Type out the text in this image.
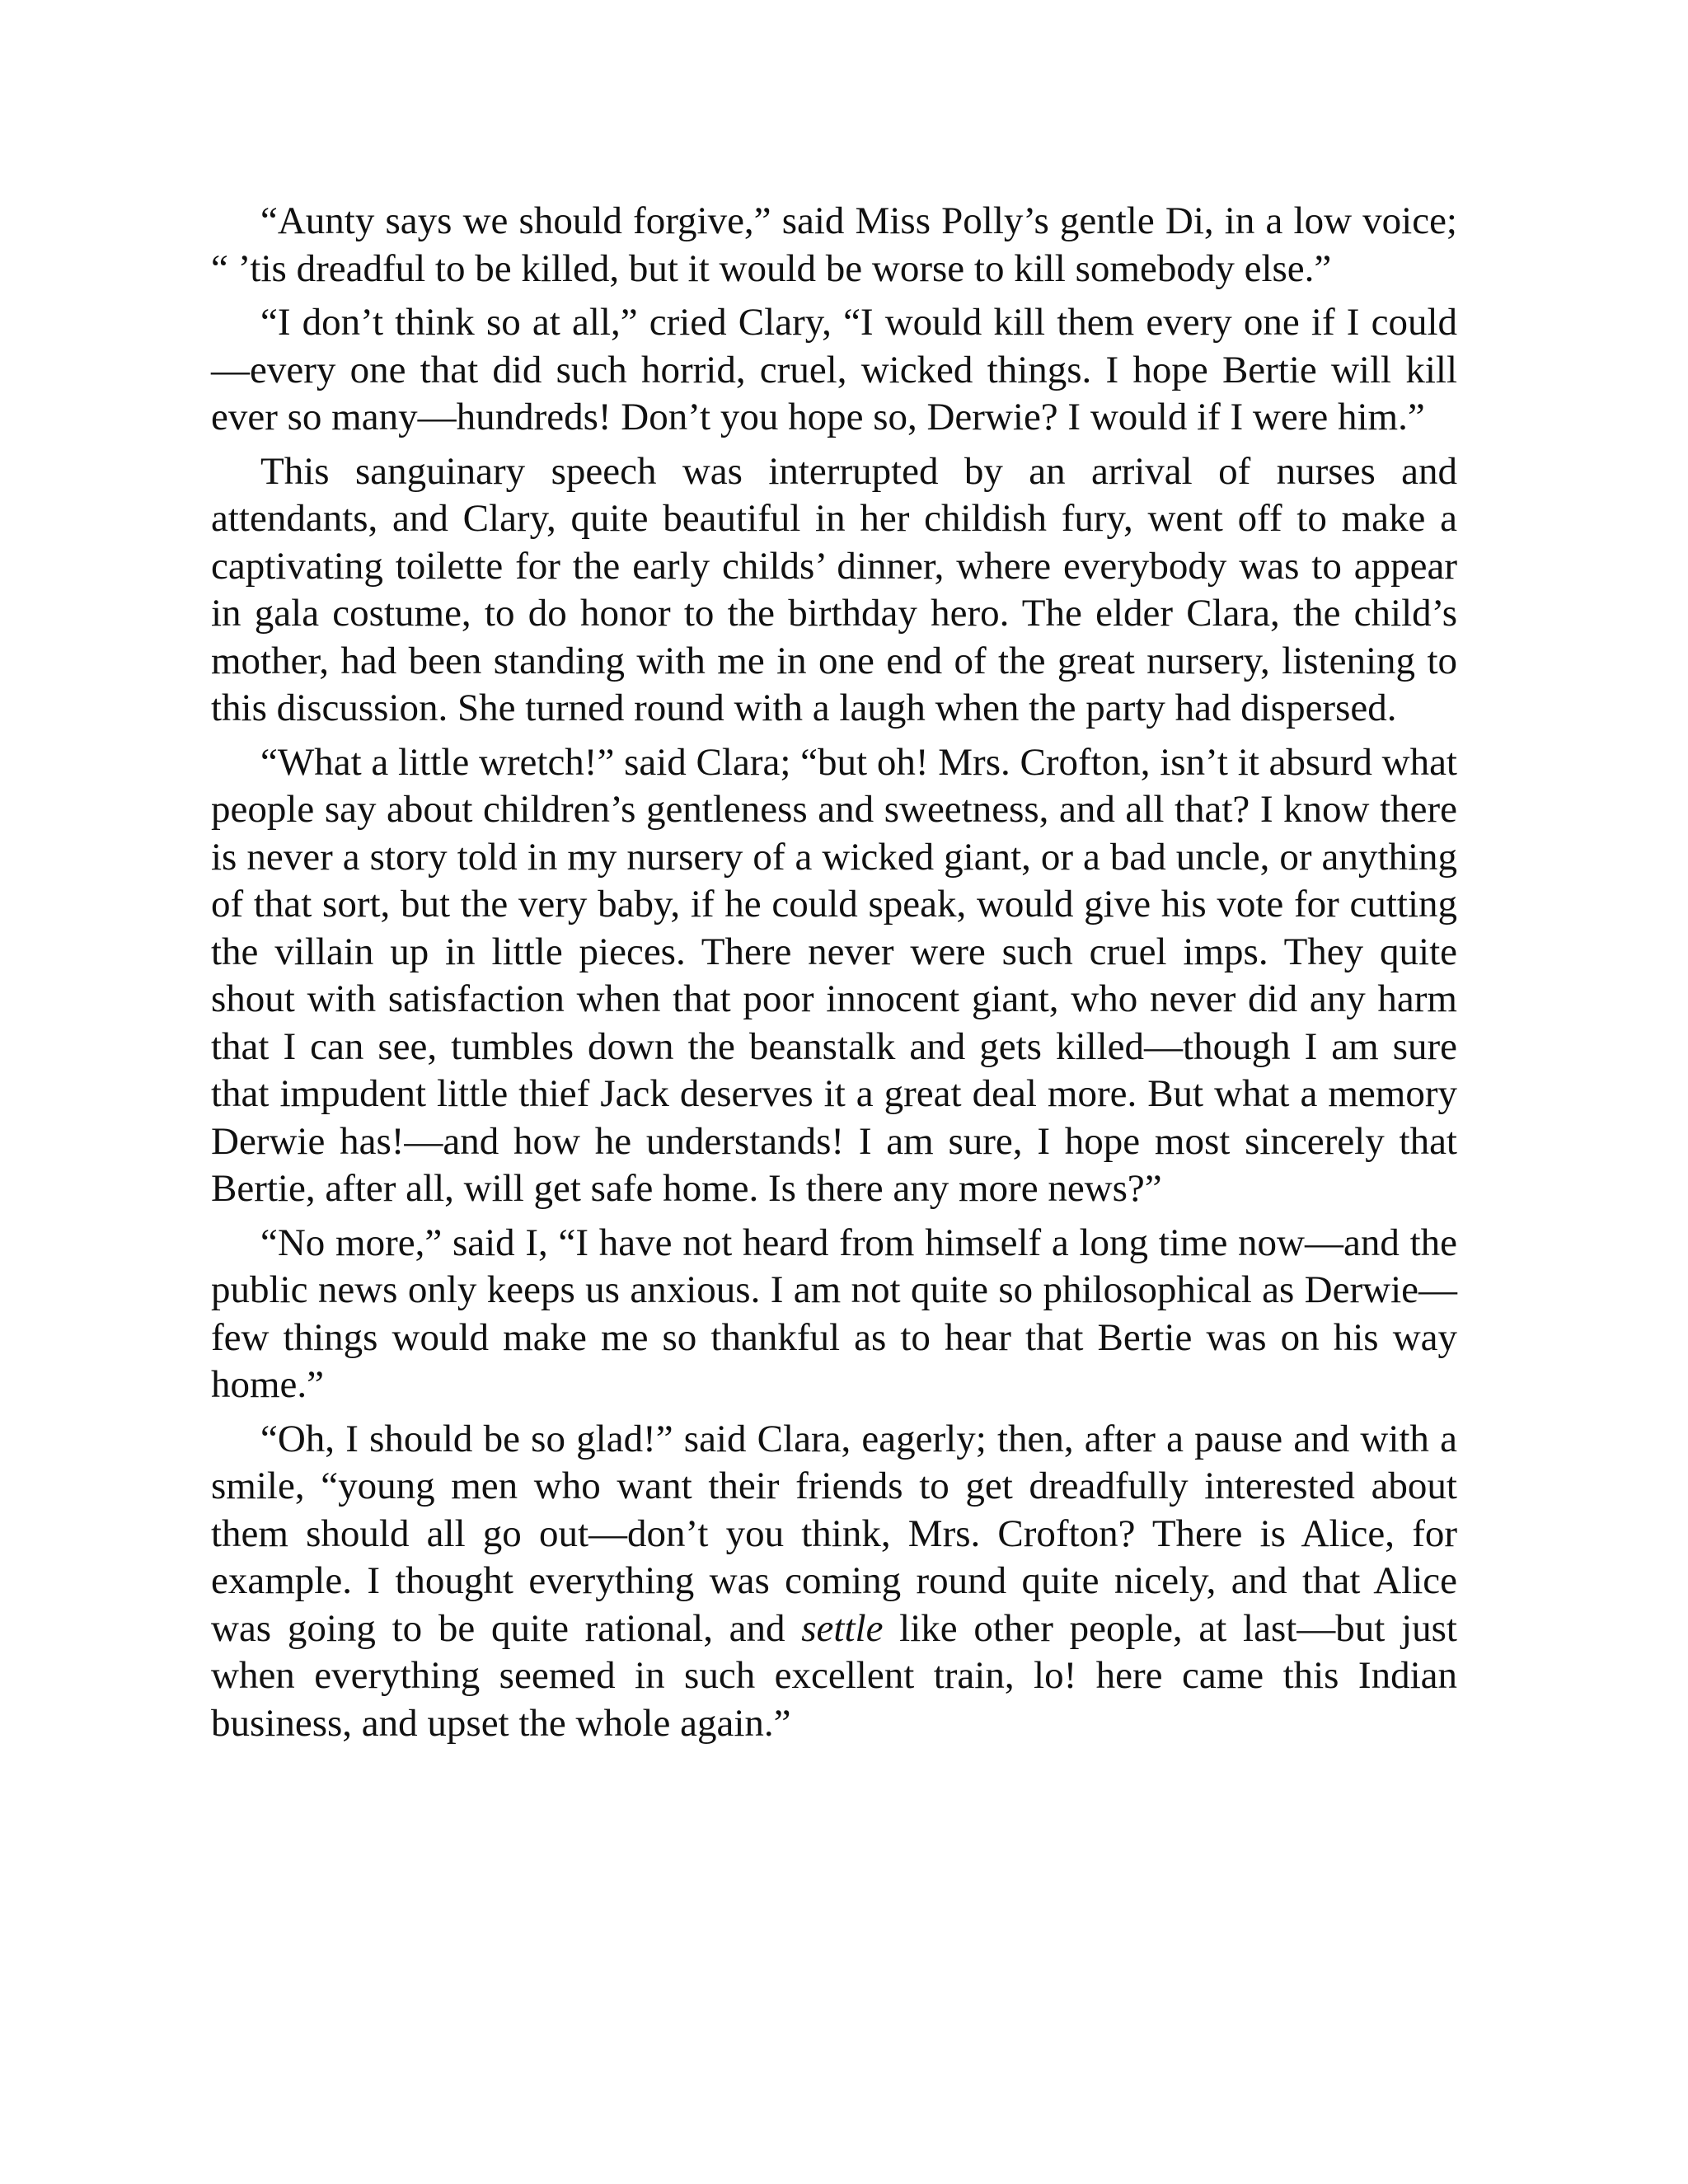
“Aunty says we should forgive,” said Miss Polly’s gentle Di, in a low voice; “ ’tis dreadful to be killed, but it would be worse to kill somebody else.”

“I don’t think so at all,” cried Clary, “I would kill them every one if I could—every one that did such horrid, cruel, wicked things. I hope Bertie will kill ever so many—hundreds! Don’t you hope so, Derwie? I would if I were him.”

This sanguinary speech was interrupted by an arrival of nurses and attendants, and Clary, quite beautiful in her childish fury, went off to make a captivating toilette for the early childs’ dinner, where everybody was to appear in gala costume, to do honor to the birthday hero. The elder Clara, the child’s mother, had been standing with me in one end of the great nursery, listening to this discussion. She turned round with a laugh when the party had dispersed.

“What a little wretch!” said Clara; “but oh! Mrs. Crofton, isn’t it absurd what people say about children’s gentleness and sweetness, and all that? I know there is never a story told in my nursery of a wicked giant, or a bad uncle, or anything of that sort, but the very baby, if he could speak, would give his vote for cutting the villain up in little pieces. There never were such cruel imps. They quite shout with satisfaction when that poor innocent giant, who never did any harm that I can see, tumbles down the beanstalk and gets killed—though I am sure that impudent little thief Jack deserves it a great deal more. But what a memory Derwie has!—and how he understands! I am sure, I hope most sincerely that Bertie, after all, will get safe home. Is there any more news?”

“No more,” said I, “I have not heard from himself a long time now—and the public news only keeps us anxious. I am not quite so philosophical as Derwie—few things would make me so thankful as to hear that Bertie was on his way home.”

“Oh, I should be so glad!” said Clara, eagerly; then, after a pause and with a smile, “young men who want their friends to get dreadfully interested about them should all go out—don’t you think, Mrs. Crofton? There is Alice, for example. I thought everything was coming round quite nicely, and that Alice was going to be quite rational, and settle like other people, at last—but just when everything seemed in such excellent train, lo! here came this Indian business, and upset the whole again.”
